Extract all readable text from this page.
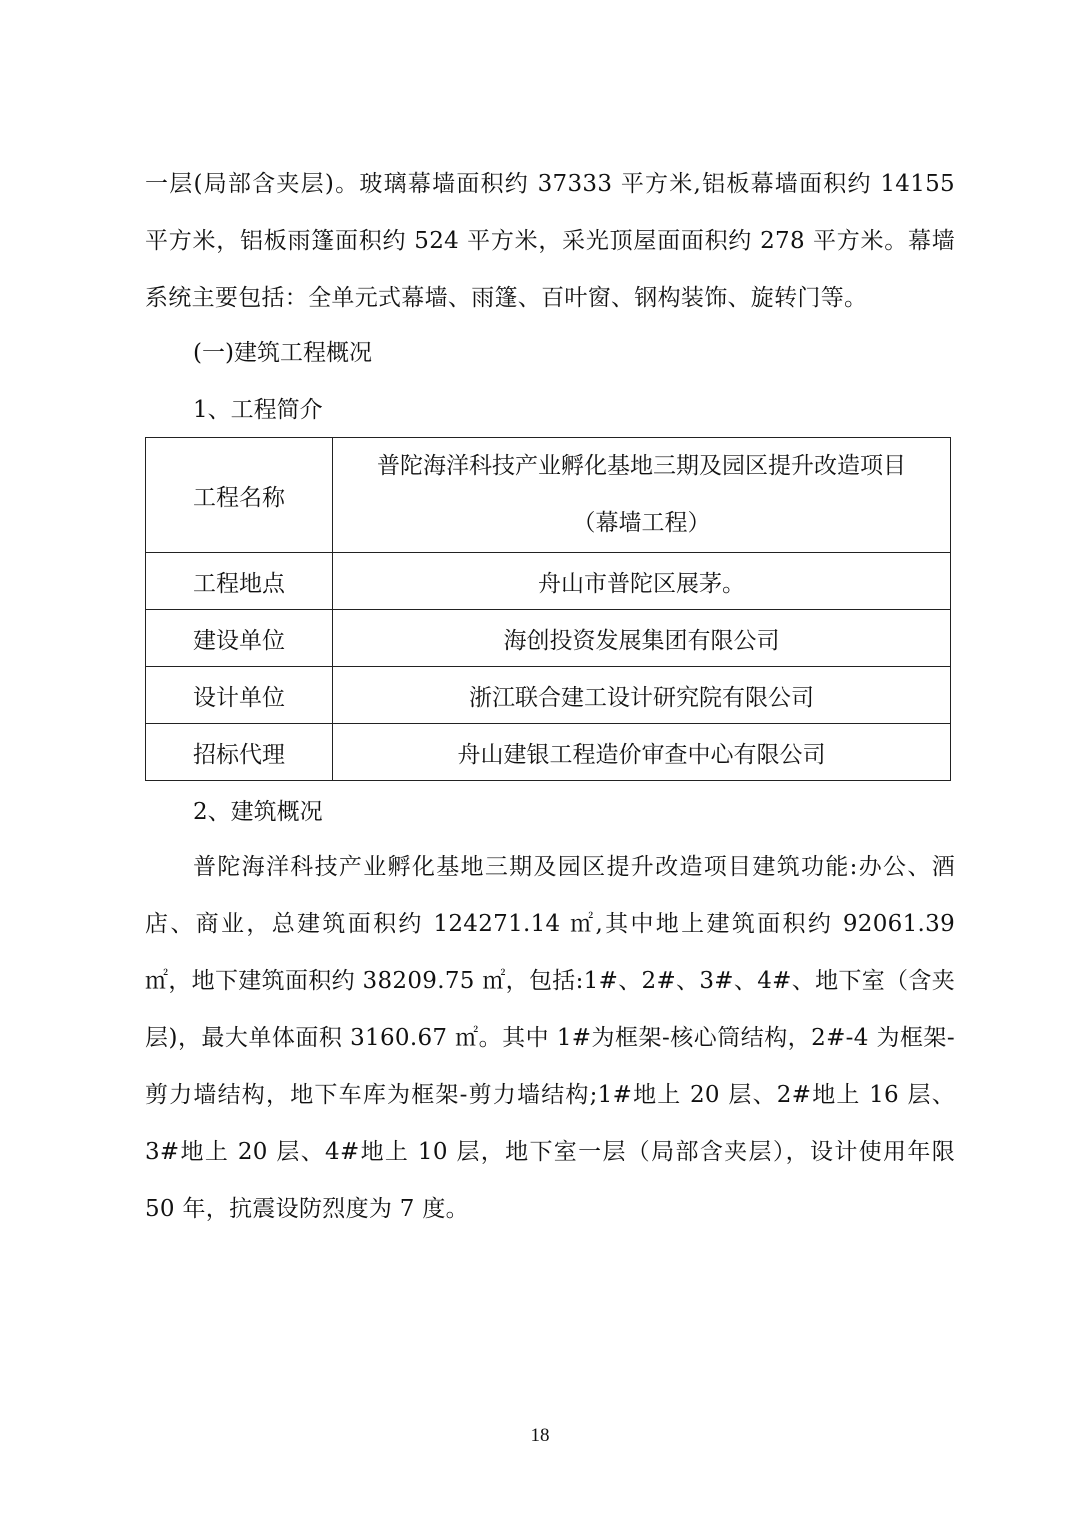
一层(局部含夹层)。玻璃幕墙面积约 37333 平方米,铝板幕墙面积约 14155 平方米，铝板雨篷面积约 524 平方米，采光顶屋面面积约 278 平方米。幕墙系统主要包括：全单元式幕墙、雨篷、百叶窗、钢构装饰、旋转门等。

(一)建筑工程概况

1、工程简介

工程名称	普陀海洋科技产业孵化基地三期及园区提升改造项目
（幕墙工程）

工程地点	舟山市普陀区展茅。
建设单位	海创投资发展集团有限公司
设计单位	浙江联合建工设计研究院有限公司
招标代理	舟山建银工程造价审查中心有限公司

2、建筑概况

普陀海洋科技产业孵化基地三期及园区提升改造项目建筑功能:办公、酒店、商业，总建筑面积约 124271.14 ㎡,其中地上建筑面积约 92061.39 ㎡，地下建筑面积约 38209.75 ㎡，包括:1#、2#、3#、4#、地下室（含夹层)，最大单体面积 3160.67 ㎡。其中 1#为框架-核心筒结构，2#-4 为框架-剪力墙结构，地下车库为框架-剪力墙结构;1#地上 20 层、2#地上 16 层、3#地上 20 层、4#地上 10 层，地下室一层（局部含夹层），设计使用年限 50 年，抗震设防烈度为 7 度。

18
